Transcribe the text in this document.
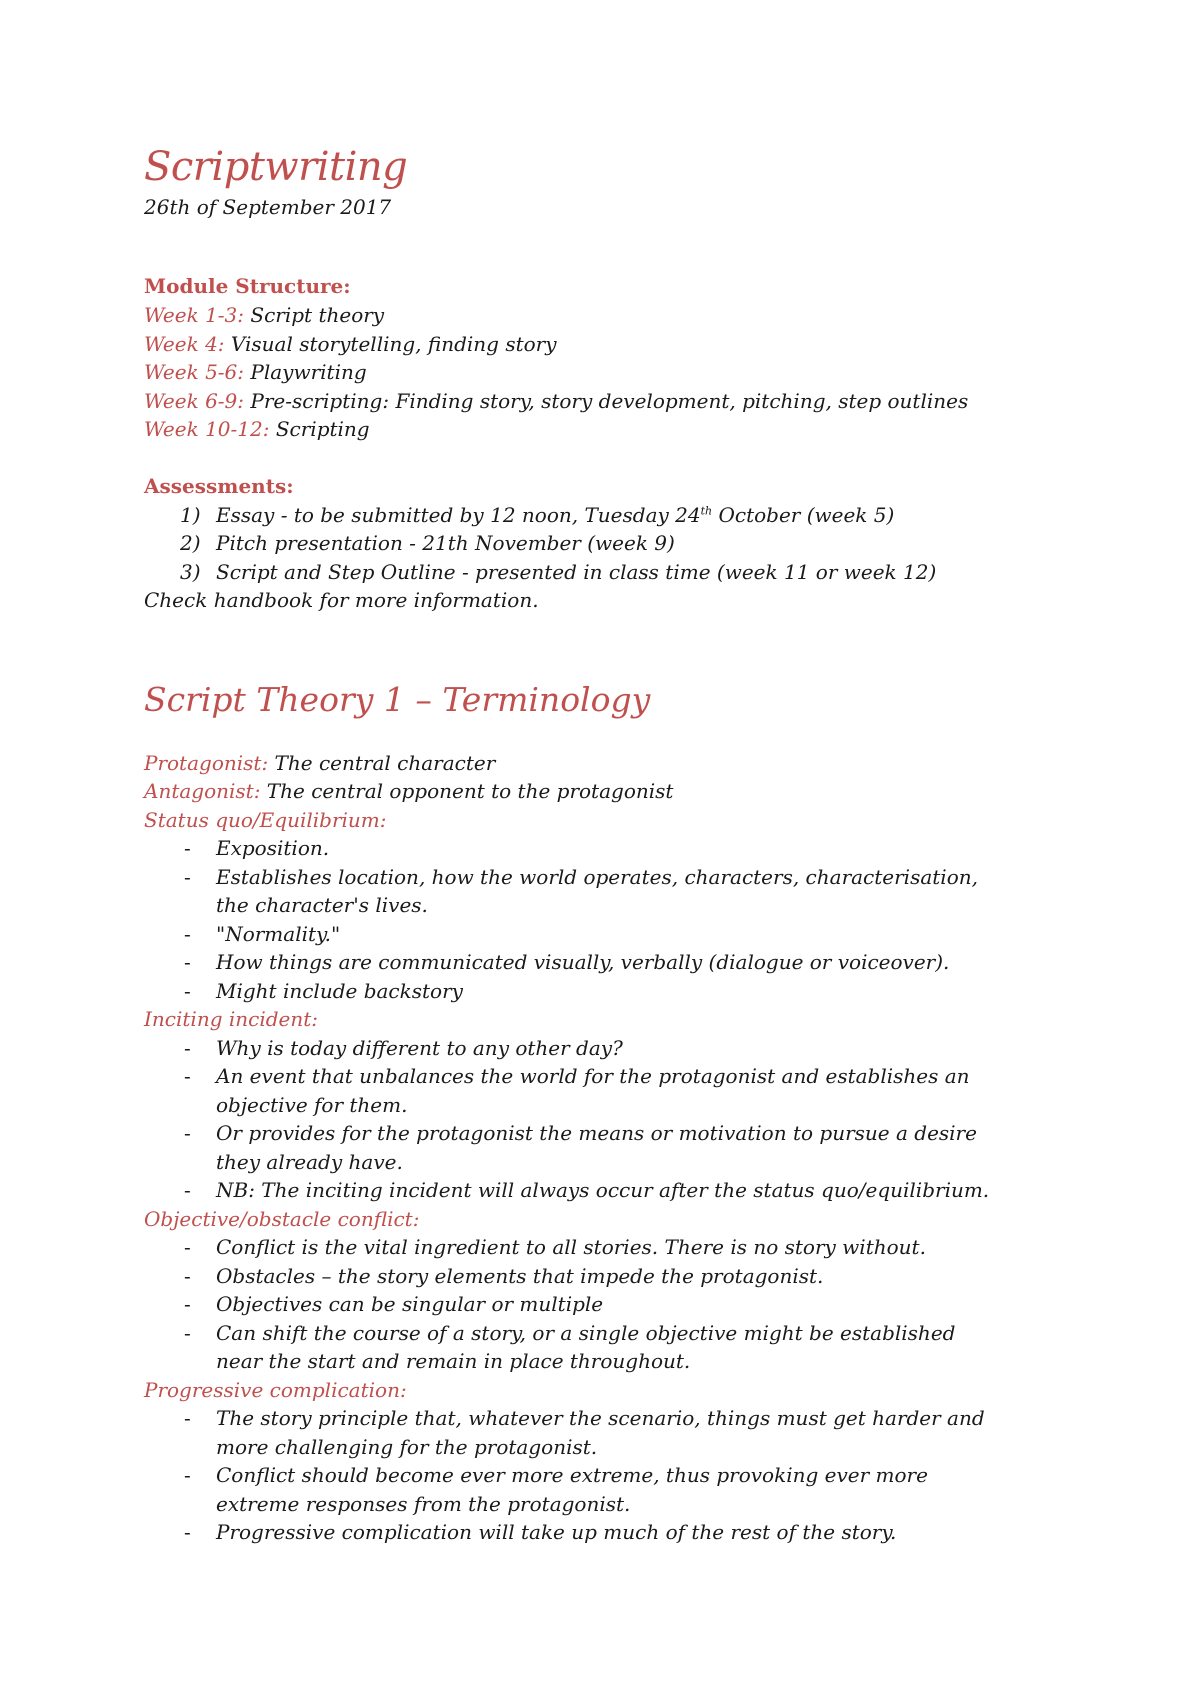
Scriptwriting

26th of September 2017

Module Structure:

Week 1-3: Script theory

Week 4: Visual storytelling, finding story

Week 5-6: Playwriting

Week 6-9: Pre-scripting: Finding story, story development, pitching, step outlines

Week 10-12: Scripting

Assessments:

1) Essay - to be submitted by 12 noon, Tuesday 24th October (week 5)
2) Pitch presentation - 21th November (week 9)
3) Script and Step Outline - presented in class time (week 11 or week 12)

Check handbook for more information.

Script Theory 1 – Terminology

Protagonist: The central character

Antagonist: The central opponent to the protagonist

Status quo/Equilibrium:

- Exposition.
- Establishes location, how the world operates, characters, characterisation, the character's lives.
- "Normality."
- How things are communicated visually, verbally (dialogue or voiceover).
- Might include backstory

Inciting incident:

- Why is today different to any other day?
- An event that unbalances the world for the protagonist and establishes an objective for them.
- Or provides for the protagonist the means or motivation to pursue a desire they already have.
- NB: The inciting incident will always occur after the status quo/equilibrium.

Objective/obstacle conflict:

- Conflict is the vital ingredient to all stories. There is no story without.
- Obstacles – the story elements that impede the protagonist.
- Objectives can be singular or multiple
- Can shift the course of a story, or a single objective might be established near the start and remain in place throughout.

Progressive complication:

- The story principle that, whatever the scenario, things must get harder and more challenging for the protagonist.
- Conflict should become ever more extreme, thus provoking ever more extreme responses from the protagonist.
- Progressive complication will take up much of the rest of the story.
